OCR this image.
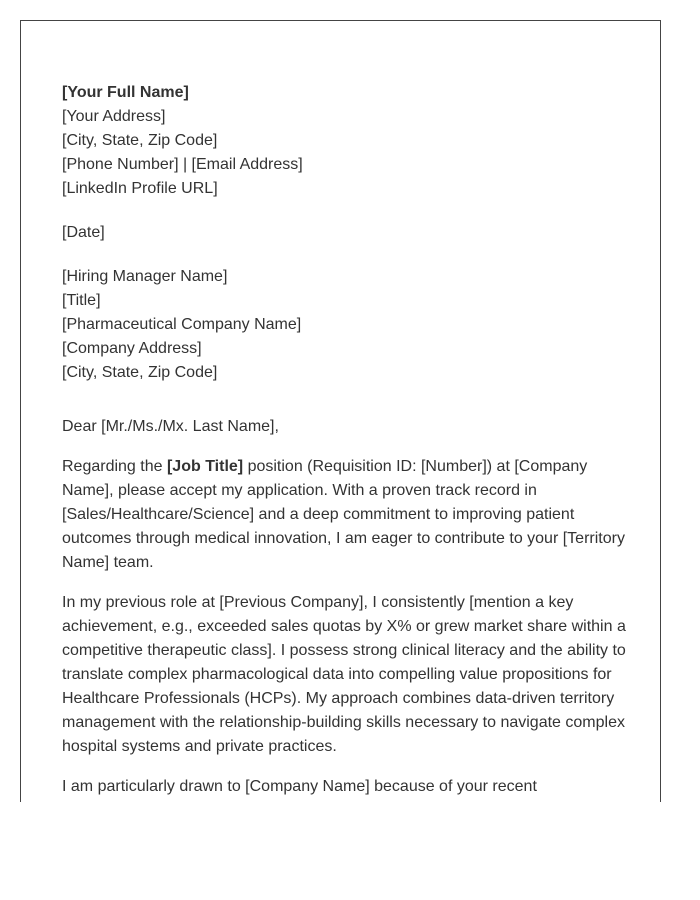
[Your Full Name]
[Your Address]
[City, State, Zip Code]
[Phone Number] | [Email Address]
[LinkedIn Profile URL]
[Date]
[Hiring Manager Name]
[Title]
[Pharmaceutical Company Name]
[Company Address]
[City, State, Zip Code]
Dear [Mr./Ms./Mx. Last Name],

Regarding the [Job Title] position (Requisition ID: [Number]) at [Company Name], please accept my application. With a proven track record in [Sales/Healthcare/Science] and a deep commitment to improving patient outcomes through medical innovation, I am eager to contribute to your [Territory Name] team.

In my previous role at [Previous Company], I consistently [mention a key achievement, e.g., exceeded sales quotas by X% or grew market share within a competitive therapeutic class]. I possess strong clinical literacy and the ability to translate complex pharmacological data into compelling value propositions for Healthcare Professionals (HCPs). My approach combines data-driven territory management with the relationship-building skills necessary to navigate complex hospital systems and private practices.

I am particularly drawn to [Company Name] because of your recent
